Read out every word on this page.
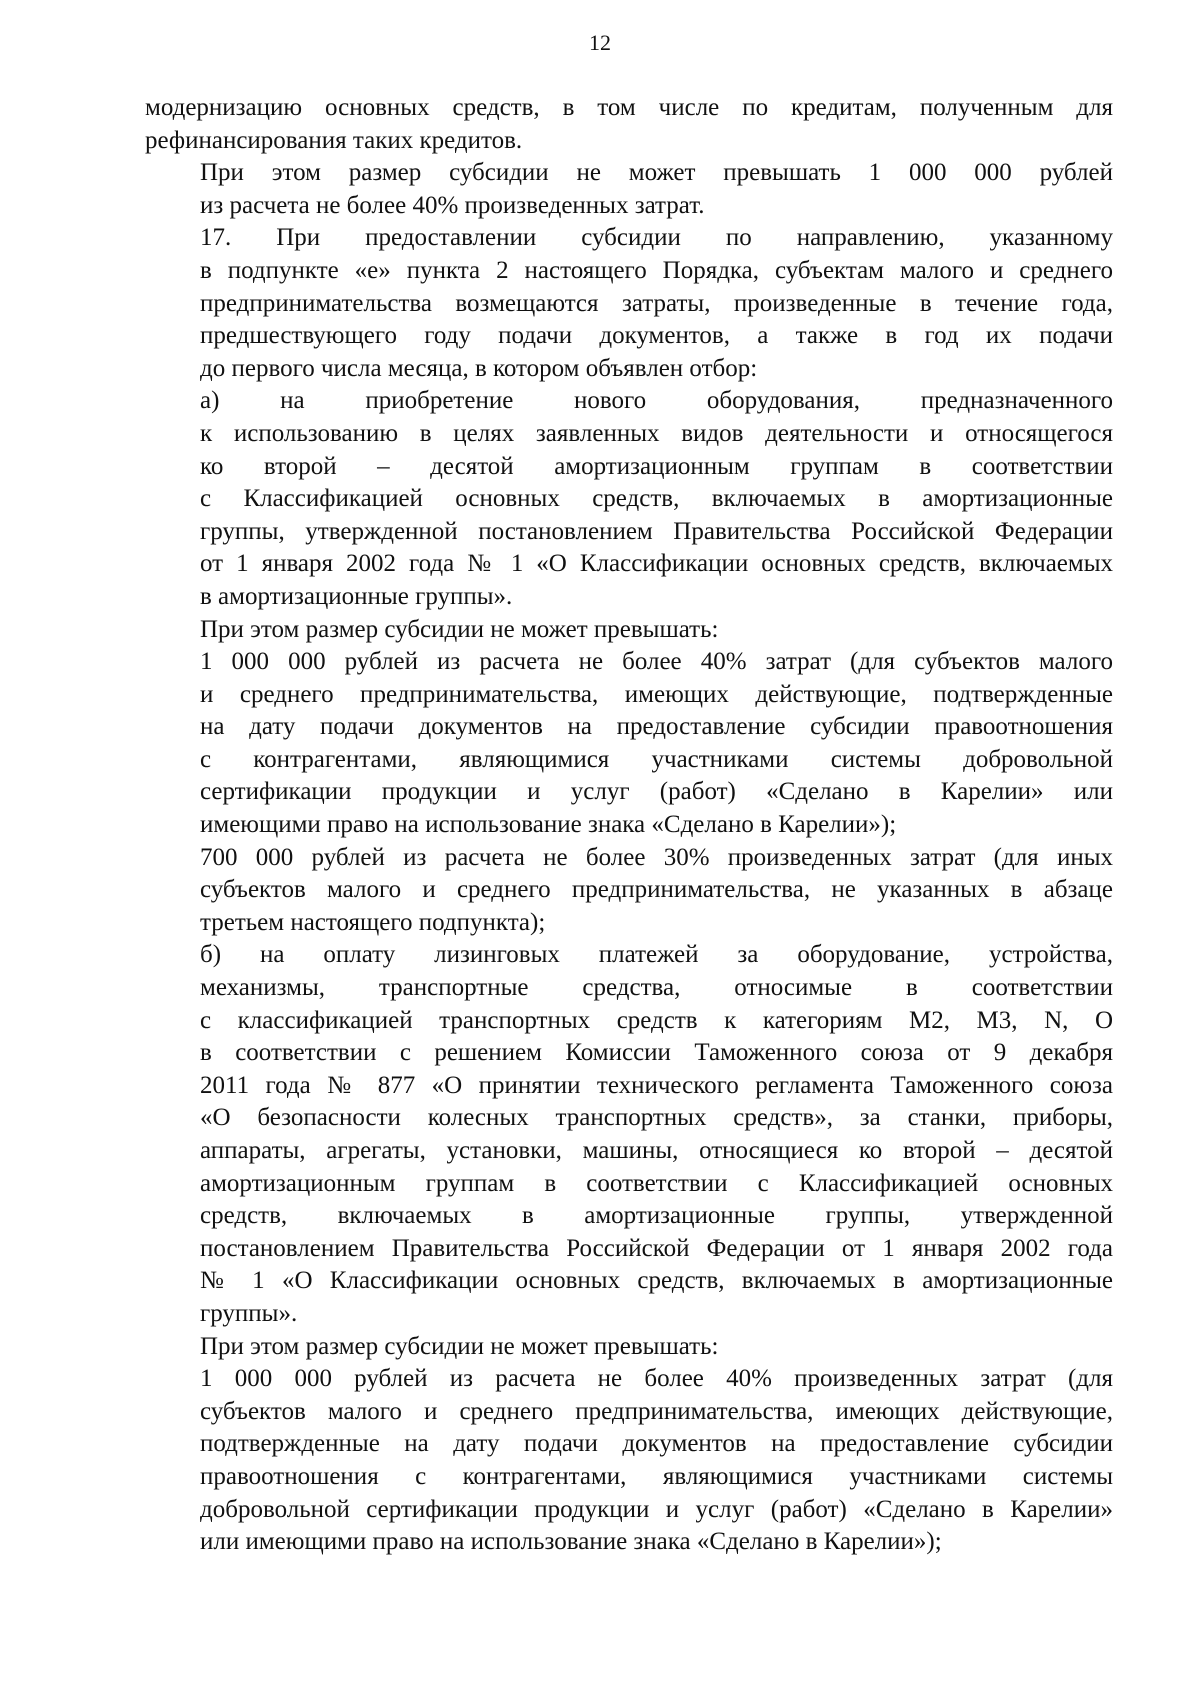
12

модернизацию основных средств, в том числе по кредитам, полученным для
рефинансирования таких кредитов.

При этом размер субсидии не может превышать 1 000 000 рублей
из расчета не более 40% произведенных затрат.

17. При предоставлении субсидии по направлению, указанному
в подпункте «е» пункта 2 настоящего Порядка, субъектам малого и среднего
предпринимательства возмещаются затраты, произведенные в течение года,
предшествующего году подачи документов, а также в год их подачи
до первого числа месяца, в котором объявлен отбор:

а) на приобретение нового оборудования, предназначенного
к использованию в целях заявленных видов деятельности и относящегося
ко второй – десятой амортизационным группам в соответствии
с Классификацией основных средств, включаемых в амортизационные
группы, утвержденной постановлением Правительства Российской Федерации
от 1 января 2002 года № 1 «О Классификации основных средств, включаемых
в амортизационные группы».

При этом размер субсидии не может превышать:

1 000 000 рублей из расчета не более 40% затрат (для субъектов малого
и среднего предпринимательства, имеющих действующие, подтвержденные
на дату подачи документов на предоставление субсидии правоотношения
с контрагентами, являющимися участниками системы добровольной
сертификации продукции и услуг (работ) «Сделано в Карелии» или
имеющими право на использование знака «Сделано в Карелии»);

700 000 рублей из расчета не более 30% произведенных затрат (для иных
субъектов малого и среднего предпринимательства, не указанных в абзаце
третьем настоящего подпункта);

б) на оплату лизинговых платежей за оборудование, устройства,
механизмы, транспортные средства, относимые в соответствии
с классификацией транспортных средств к категориям M2, M3, N, O
в соответствии с решением Комиссии Таможенного союза от 9 декабря
2011 года № 877 «О принятии технического регламента Таможенного союза
«О безопасности колесных транспортных средств», за станки, приборы,
аппараты, агрегаты, установки, машины, относящиеся ко второй – десятой
амортизационным группам в соответствии с Классификацией основных
средств, включаемых в амортизационные группы, утвержденной
постановлением Правительства Российской Федерации от 1 января 2002 года
№ 1 «О Классификации основных средств, включаемых в амортизационные
группы».

При этом размер субсидии не может превышать:

1 000 000 рублей из расчета не более 40% произведенных затрат (для
субъектов малого и среднего предпринимательства, имеющих действующие,
подтвержденные на дату подачи документов на предоставление субсидии
правоотношения с контрагентами, являющимися участниками системы
добровольной сертификации продукции и услуг (работ) «Сделано в Карелии»
или имеющими право на использование знака «Сделано в Карелии»);
